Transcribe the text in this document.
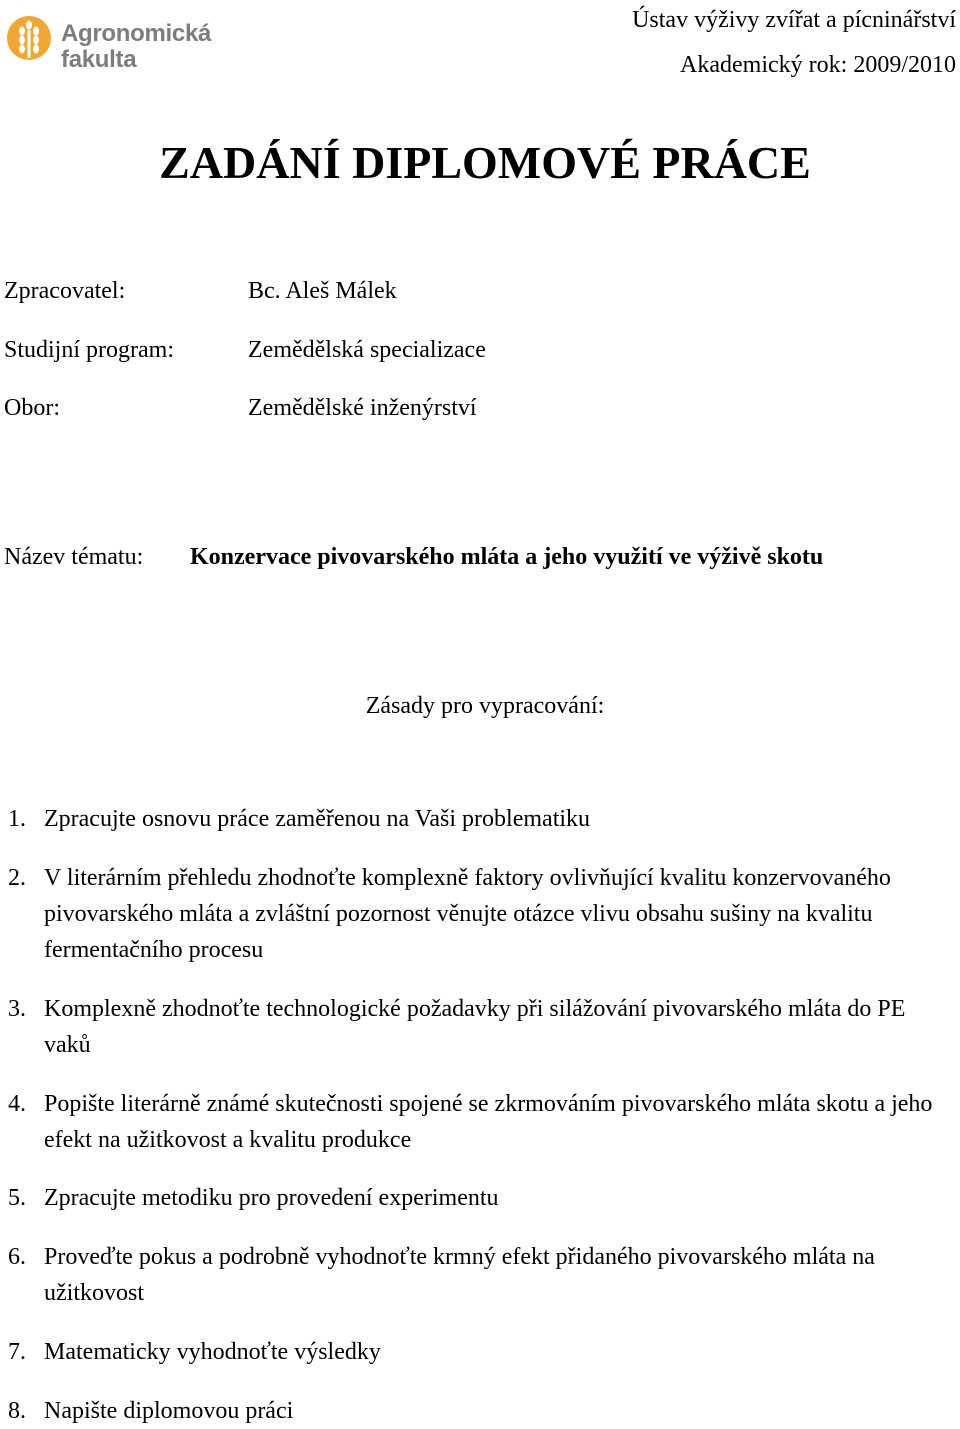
Agronomická
fakulta
Ústav výživy zvířat a pícninářství
Akademický rok: 2009/2010
ZADÁNÍ DIPLOMOVÉ PRÁCE
Zpracovatel:	Bc. Aleš Málek
Studijní program:	Zemědělská specializace
Obor:	Zemědělské inženýrství
Název tématu: Konzervace pivovarského mláta a jeho využití ve výživě skotu
Zásady pro vypracování:
1. Zpracujte osnovu práce zaměřenou na Vaši problematiku
2. V literárním přehledu zhodnoťte komplexně faktory ovlivňující kvalitu konzervovaného pivovarského mláta a zvláštní pozornost věnujte otázce vlivu obsahu sušiny na kvalitu fermentačního procesu
3. Komplexně zhodnoťte technologické požadavky při silážování pivovarského mláta do PE vaků
4. Popište literárně známé skutečnosti spojené se zkrmováním pivovarského mláta skotu a jeho efekt na užitkovost a kvalitu produkce
5. Zpracujte metodiku pro provedení experimentu
6. Proveďte pokus a podrobně vyhodnoťte krmný efekt přidaného pivovarského mláta na užitkovost
7. Matematicky vyhodnoťte výsledky
8. Napište diplomovou práci
